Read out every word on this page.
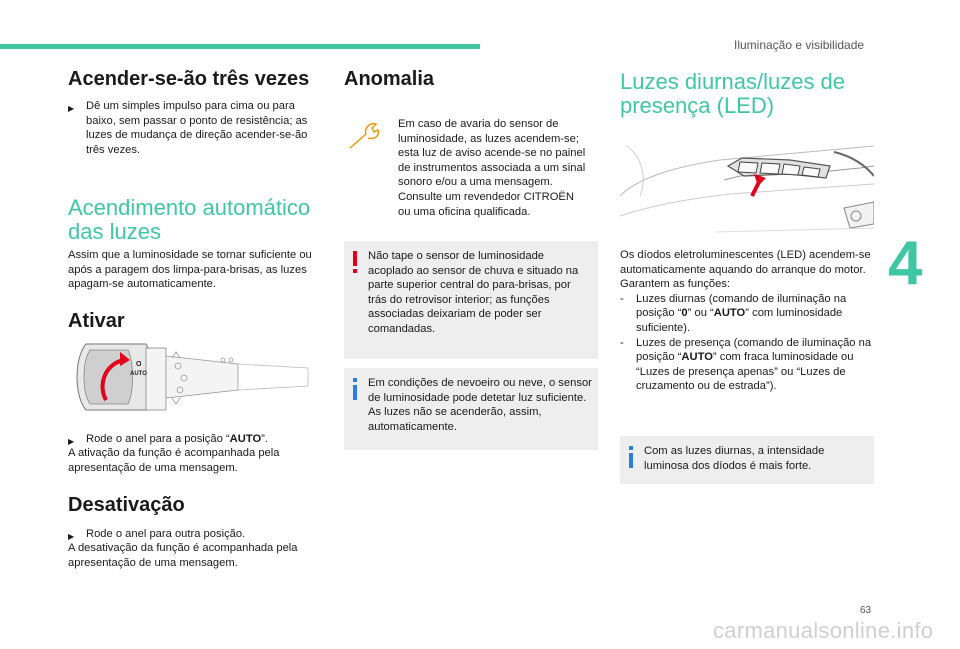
Iluminação e visibilidade
4
Acender-se-ão três vezes
▶	Dê um simples impulso para cima ou para baixo, sem passar o ponto de resistência; as luzes de mudança de direção acender-se-ão três vezes.
Acendimento automático
das luzes
Assim que a luminosidade se tornar suficiente ou após a paragem dos limpa-para-brisas, as luzes apagam-se automaticamente.
Ativar
O
AUTO
▶	Rode o anel para a posição “AUTO”.
A ativação da função é acompanhada pela apresentação de uma mensagem.
Desativação
▶	Rode o anel para outra posição.
A desativação da função é acompanhada pela apresentação de uma mensagem.
Anomalia
Em caso de avaria do sensor de luminosidade, as luzes acendem-se; esta luz de aviso acende-se no painel de instrumentos associada a um sinal sonoro e/ou a uma mensagem.
Consulte um revendedor CITROËN ou uma oficina qualificada.
Não tape o sensor de luminosidade acoplado ao sensor de chuva e situado na parte superior central do para-brisas, por trás do retrovisor interior; as funções associadas deixariam de poder ser comandadas.
Em condições de nevoeiro ou neve, o sensor de luminosidade pode detetar luz suficiente. As luzes não se acenderão, assim, automaticamente.
Luzes diurnas/luzes de
presença (LED)
Os díodos eletroluminescentes (LED) acendem-se automaticamente aquando do arranque do motor.
Garantem as funções:
-	Luzes diurnas (comando de iluminação na posição “0” ou “AUTO” com luminosidade suficiente).
-	Luzes de presença (comando de iluminação na posição “AUTO” com fraca luminosidade ou “Luzes de presença apenas” ou “Luzes de cruzamento ou de estrada”).
Com as luzes diurnas, a intensidade luminosa dos díodos é mais forte.
63
carmanualsonline.info
